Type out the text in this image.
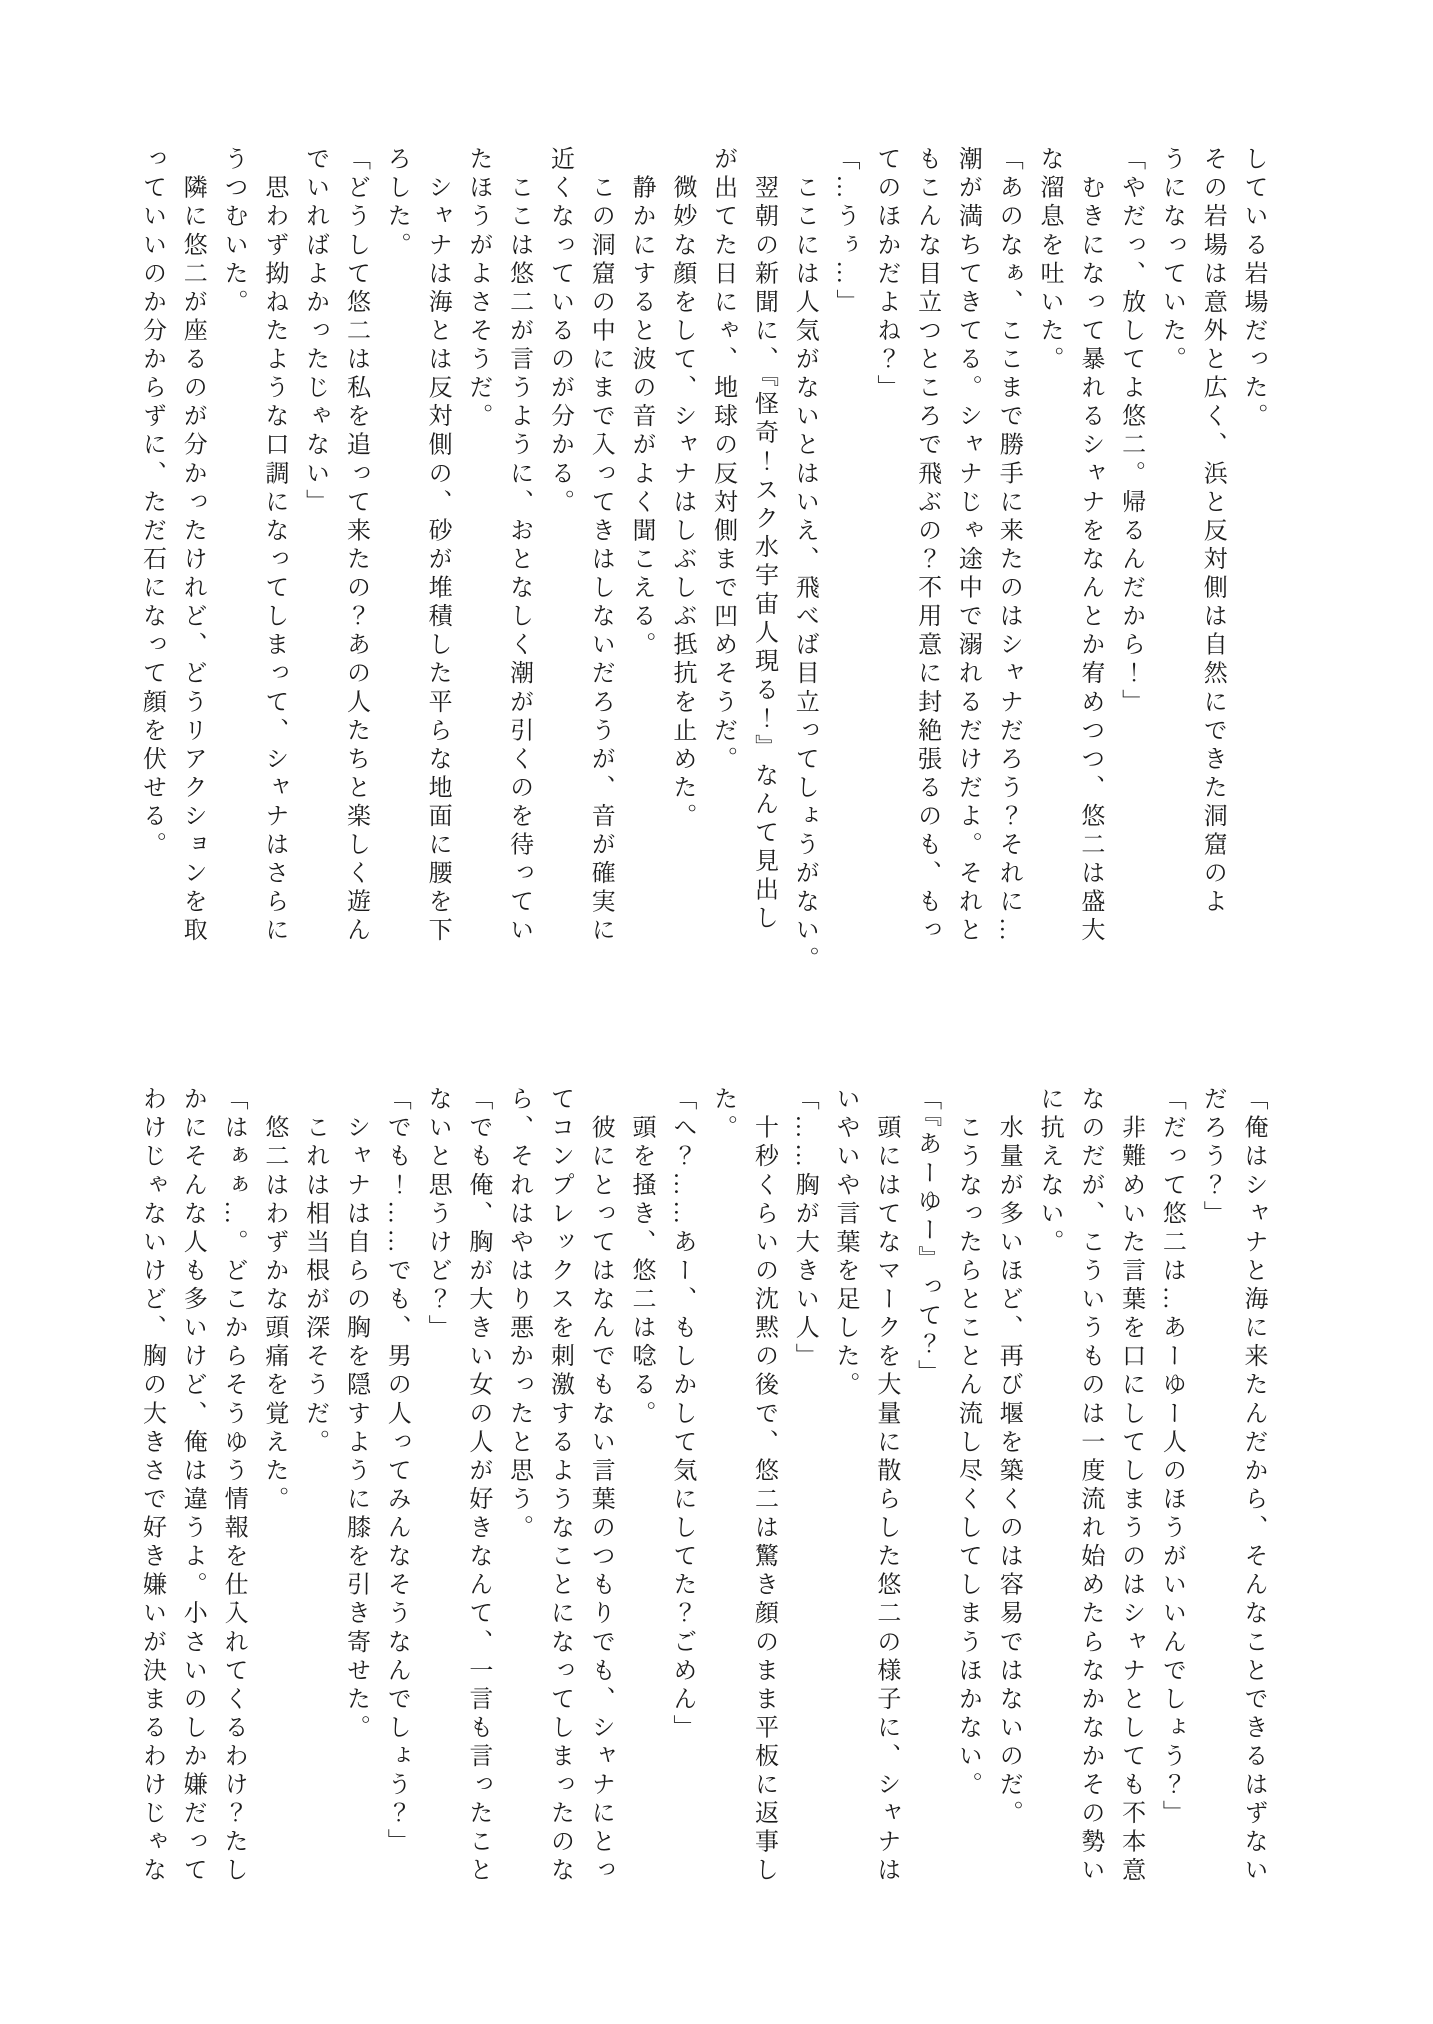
している岩場だった。

その岩場は意外と広く、浜と反対側は自然にできた洞窟のよ

うになっていた。

「やだっ、放してよ悠二。帰るんだから！」

　むきになって暴れるシャナをなんとか宥めつつ、悠二は盛大

な溜息を吐いた。

「あのなぁ、ここまで勝手に来たのはシャナだろう？それに…

潮が満ちてきてる。シャナじゃ途中で溺れるだけだよ。それと

もこんな目立つところで飛ぶの？不用意に封絶張るのも、もっ

てのほかだよね？」

「…うぅ…」

　ここには人気がないとはいえ、飛べば目立ってしょうがない。

　翌朝の新聞に、『怪奇！スク水宇宙人現る！』なんて見出し

が出てた日にゃ、地球の反対側まで凹めそうだ。

　微妙な顔をして、シャナはしぶしぶ抵抗を止めた。

　静かにすると波の音がよく聞こえる。

　この洞窟の中にまで入ってきはしないだろうが、音が確実に

近くなっているのが分かる。

　ここは悠二が言うように、おとなしく潮が引くのを待ってい

たほうがよさそうだ。

　シャナは海とは反対側の、砂が堆積した平らな地面に腰を下

ろした。

「どうして悠二は私を追って来たの？あの人たちと楽しく遊ん

でいればよかったじゃない」

　思わず拗ねたような口調になってしまって、シャナはさらに

うつむいた。

　隣に悠二が座るのが分かったけれど、どうリアクションを取

っていいのか分からずに、ただ石になって顔を伏せる。

「俺はシャナと海に来たんだから、そんなことできるはずない

だろう？」

「だって悠二は…あーゆー人のほうがいいんでしょう？」

　非難めいた言葉を口にしてしまうのはシャナとしても不本意

なのだが、こういうものは一度流れ始めたらなかなかその勢い

に抗えない。

　水量が多いほど、再び堰を築くのは容易ではないのだ。

　こうなったらとことん流し尽くしてしまうほかない。

「『あーゆー』って？」

　頭にはてなマークを大量に散らした悠二の様子に、シャナは

いやいや言葉を足した。

「……胸が大きい人」

　十秒くらいの沈黙の後で、悠二は驚き顔のまま平板に返事し

た。

「へ？……あー、もしかして気にしてた？ごめん」

　頭を掻き、悠二は唸る。

　彼にとってはなんでもない言葉のつもりでも、シャナにとっ

てコンプレックスを刺激するようなことになってしまったのな

ら、それはやはり悪かったと思う。

「でも俺、胸が大きい女の人が好きなんて、一言も言ったこと

ないと思うけど？」

「でも！……でも、男の人ってみんなそうなんでしょう？」

　シャナは自らの胸を隠すように膝を引き寄せた。

　これは相当根が深そうだ。

　悠二はわずかな頭痛を覚えた。

「はぁぁ…。どこからそうゆう情報を仕入れてくるわけ？たし

かにそんな人も多いけど、俺は違うよ。小さいのしか嫌だって

わけじゃないけど、胸の大きさで好き嫌いが決まるわけじゃな
